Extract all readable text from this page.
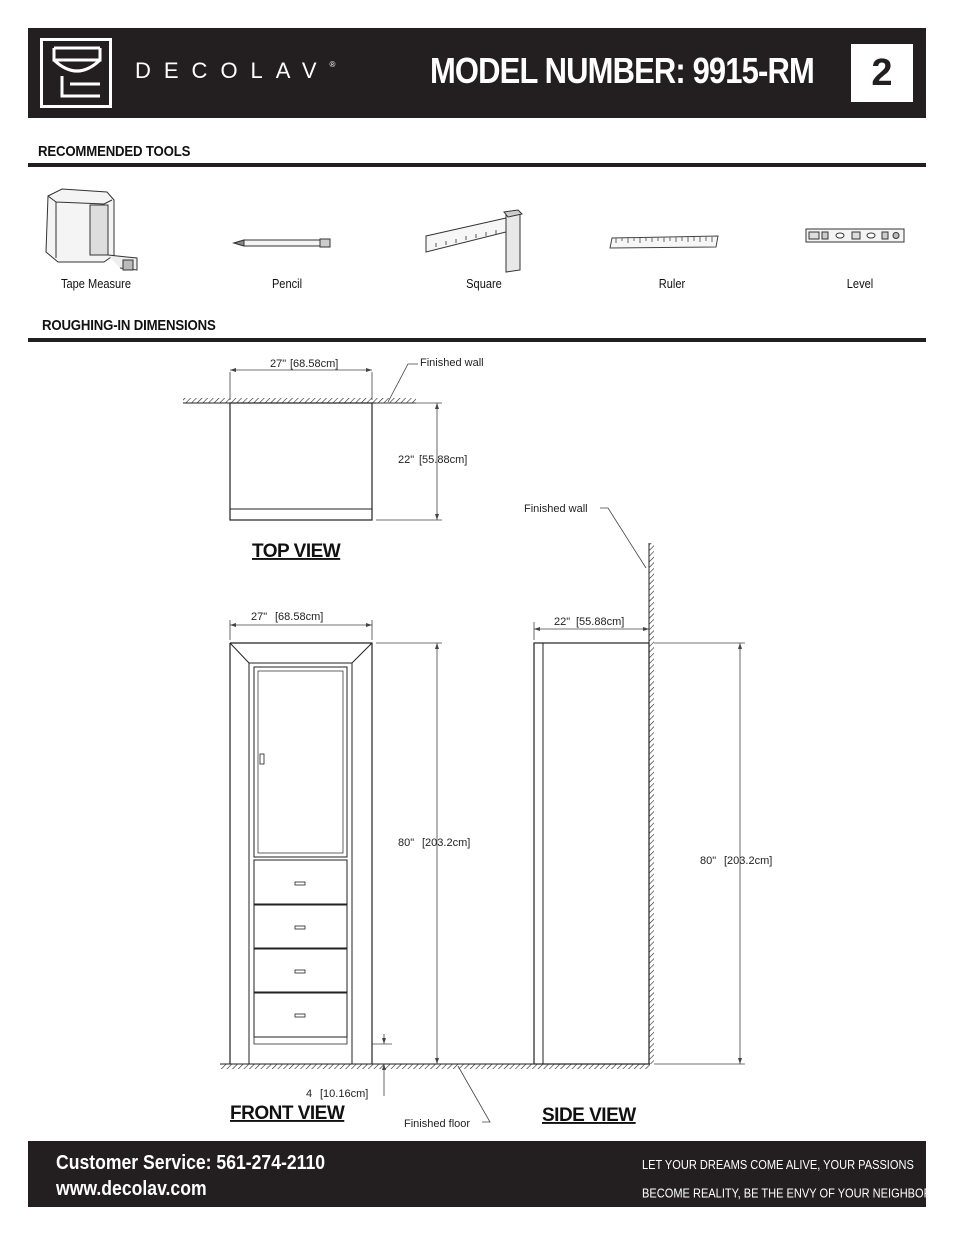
DECOLAV®	MODEL NUMBER: 9915-RM	2
RECOMMENDED TOOLS
Tape Measure	Pencil	Square	Ruler	Level
ROUGHING-IN DIMENSIONS
27" [68.58cm]
22" [55.88cm]
Finished wall
TOP VIEW
27" [68.58cm]
80" [203.2cm]
4 [10.16cm]
Finished floor
FRONT VIEW
22" [55.88cm]
80" [203.2cm]
Finished wall
SIDE VIEW
Customer Service: 561-274-2110
www.decolav.com
LET YOUR DREAMS COME ALIVE, YOUR PASSIONS
BECOME REALITY, BE THE ENVY OF YOUR NEIGHBORS®
